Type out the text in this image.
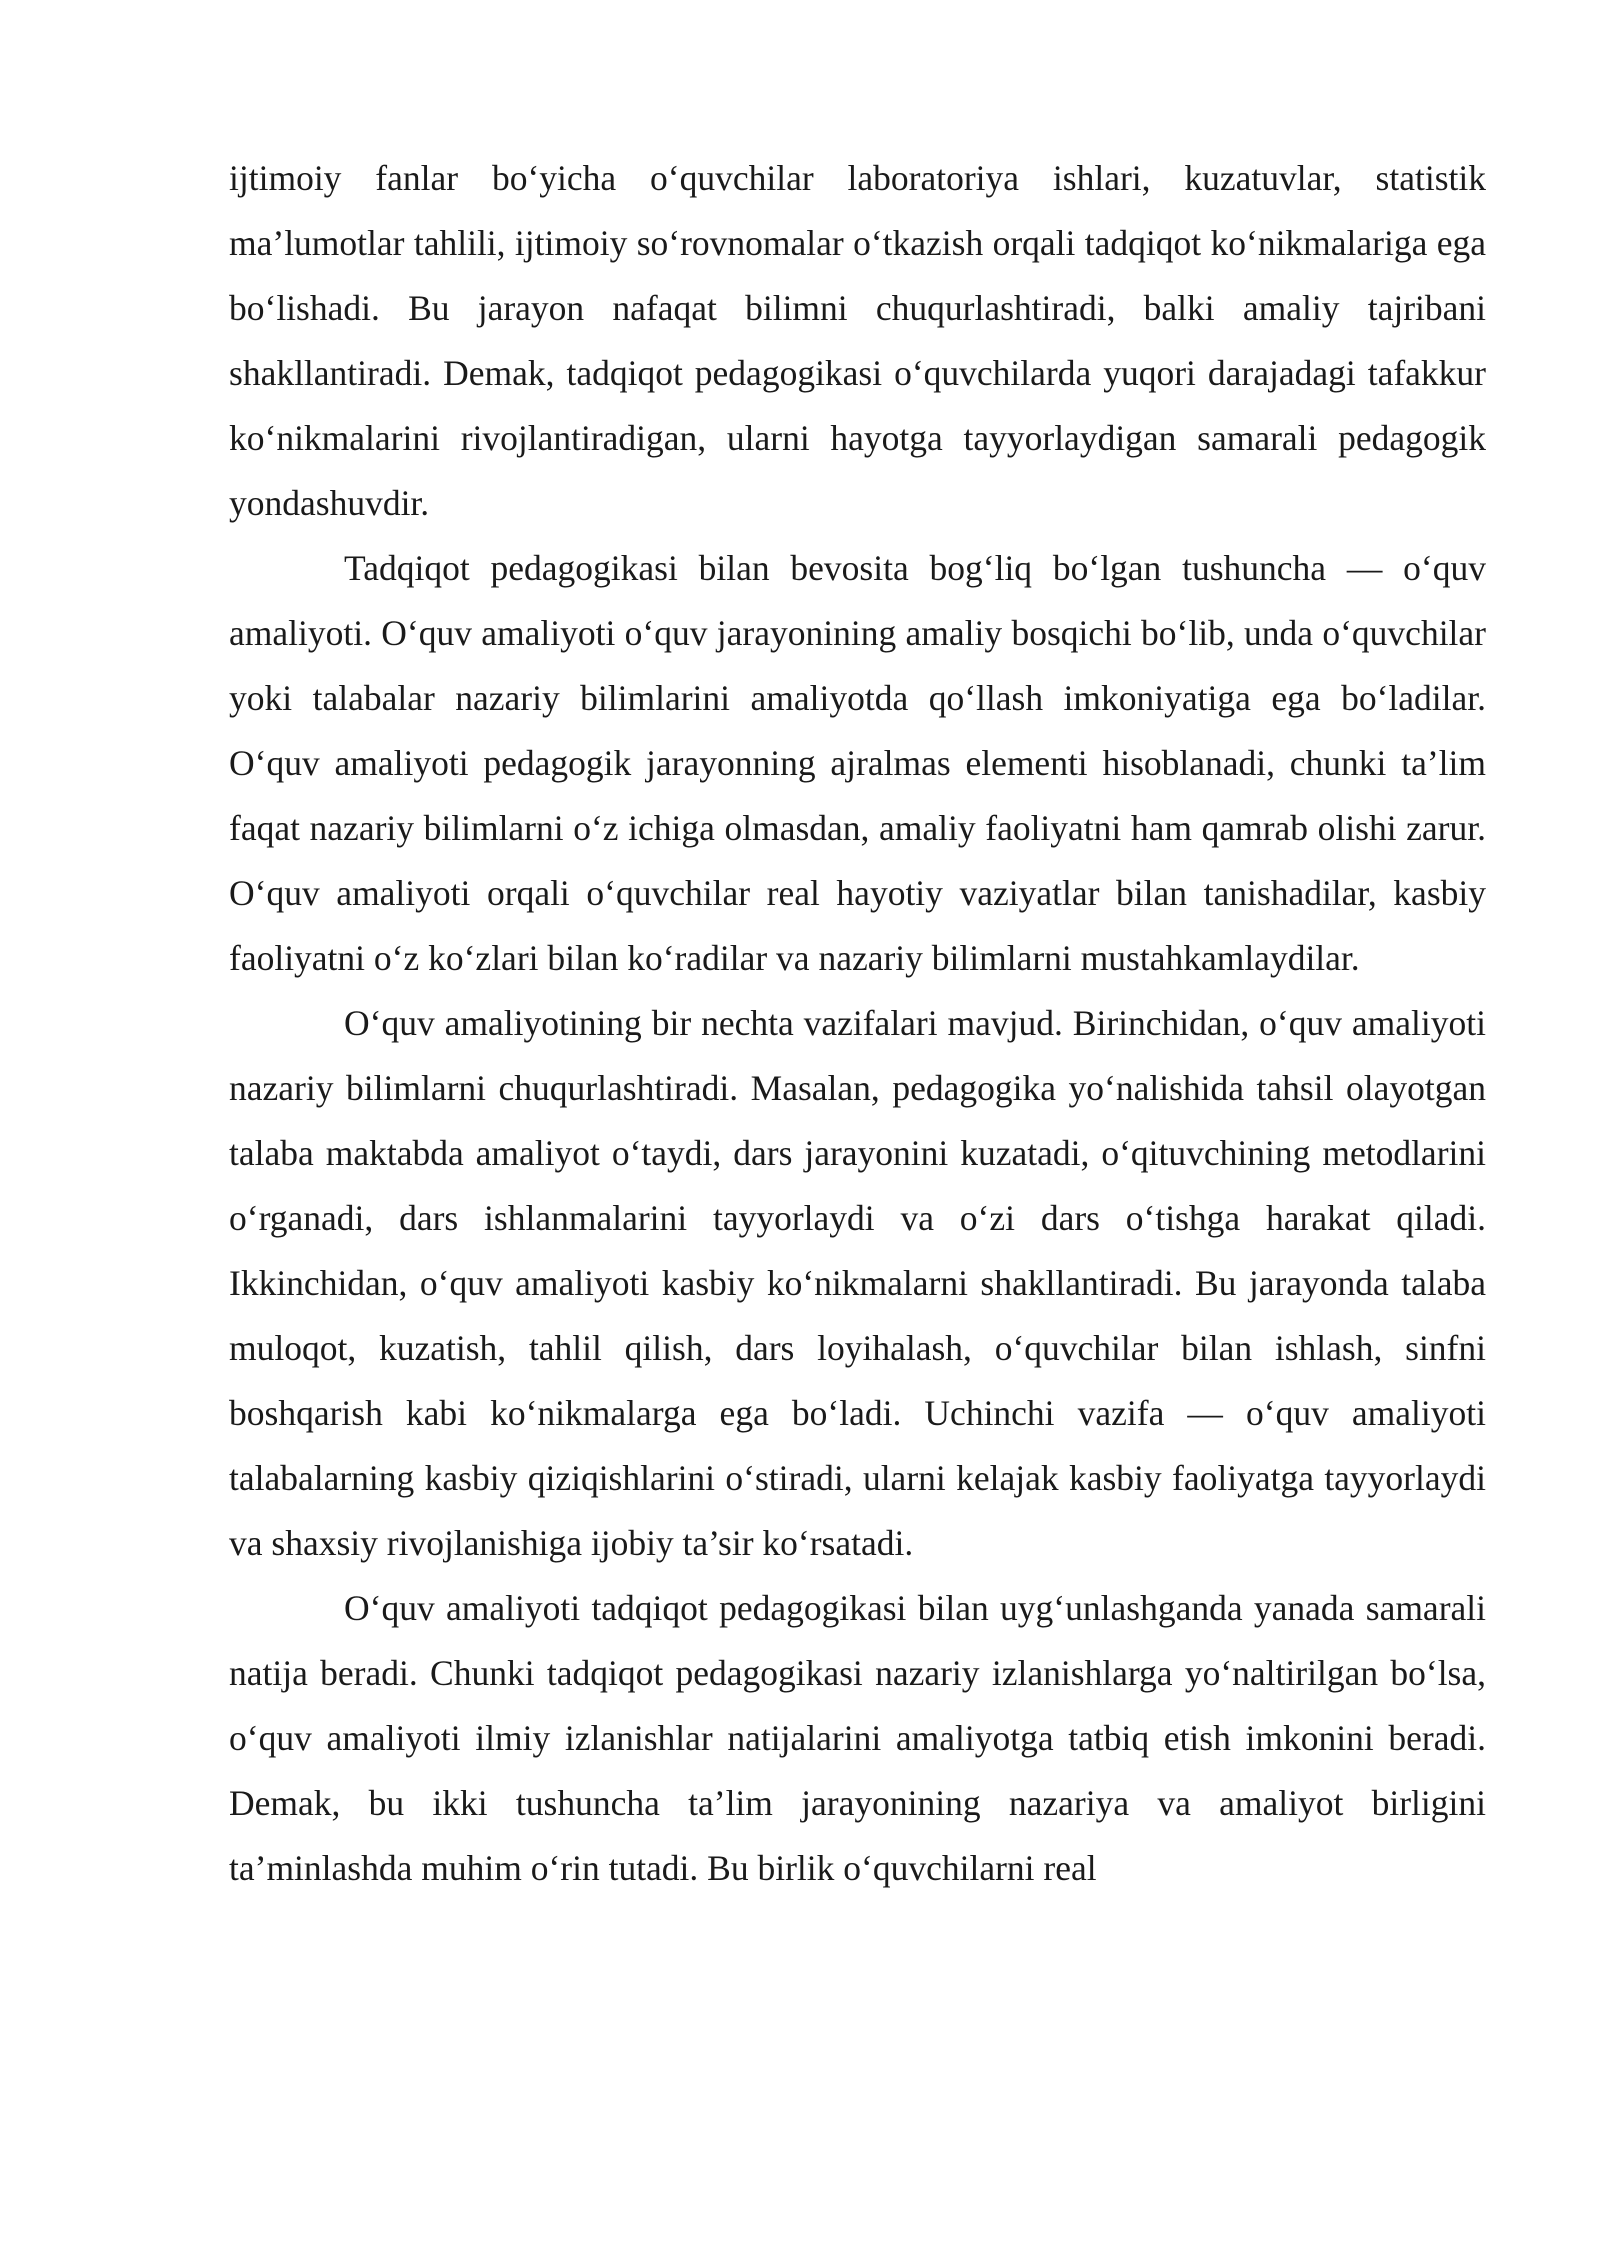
ijtimoiy fanlar bo‘yicha o‘quvchilar laboratoriya ishlari, kuzatuvlar, statistik ma’lumotlar tahlili, ijtimoiy so‘rovnomalar o‘tkazish orqali tadqiqot ko‘nikmalariga ega bo‘lishadi. Bu jarayon nafaqat bilimni chuqurlashtiradi, balki amaliy tajribani shakllantiradi. Demak, tadqiqot pedagogikasi o‘quvchilarda yuqori darajadagi tafakkur ko‘nikmalarini rivojlantiradigan, ularni hayotga tayyorlaydigan samarali pedagogik yondashuvdir.

Tadqiqot pedagogikasi bilan bevosita bog‘liq bo‘lgan tushuncha — o‘quv amaliyoti. O‘quv amaliyoti o‘quv jarayonining amaliy bosqichi bo‘lib, unda o‘quvchilar yoki talabalar nazariy bilimlarini amaliyotda qo‘llash imkoniyatiga ega bo‘ladilar. O‘quv amaliyoti pedagogik jarayonning ajralmas elementi hisoblanadi, chunki ta’lim faqat nazariy bilimlarni o‘z ichiga olmasdan, amaliy faoliyatni ham qamrab olishi zarur. O‘quv amaliyoti orqali o‘quvchilar real hayotiy vaziyatlar bilan tanishadilar, kasbiy faoliyatni o‘z ko‘zlari bilan ko‘radilar va nazariy bilimlarni mustahkamlaydilar.

O‘quv amaliyotining bir nechta vazifalari mavjud. Birinchidan, o‘quv amaliyoti nazariy bilimlarni chuqurlashtiradi. Masalan, pedagogika yo‘nalishida tahsil olayotgan talaba maktabda amaliyot o‘taydi, dars jarayonini kuzatadi, o‘qituvchining metodlarini o‘rganadi, dars ishlanmalarini tayyorlaydi va o‘zi dars o‘tishga harakat qiladi. Ikkinchidan, o‘quv amaliyoti kasbiy ko‘nikmalarni shakllantiradi. Bu jarayonda talaba muloqot, kuzatish, tahlil qilish, dars loyihalash, o‘quvchilar bilan ishlash, sinfni boshqarish kabi ko‘nikmalarga ega bo‘ladi. Uchinchi vazifa — o‘quv amaliyoti talabalarning kasbiy qiziqishlarini o‘stiradi, ularni kelajak kasbiy faoliyatga tayyorlaydi va shaxsiy rivojlanishiga ijobiy ta’sir ko‘rsatadi.

O‘quv amaliyoti tadqiqot pedagogikasi bilan uyg‘unlashganda yanada samarali natija beradi. Chunki tadqiqot pedagogikasi nazariy izlanishlarga yo‘naltirilgan bo‘lsa, o‘quv amaliyoti ilmiy izlanishlar natijalarini amaliyotga tatbiq etish imkonini beradi. Demak, bu ikki tushuncha ta’lim jarayonining nazariya va amaliyot birligini ta’minlashda muhim o‘rin tutadi. Bu birlik o‘quvchilarni real
